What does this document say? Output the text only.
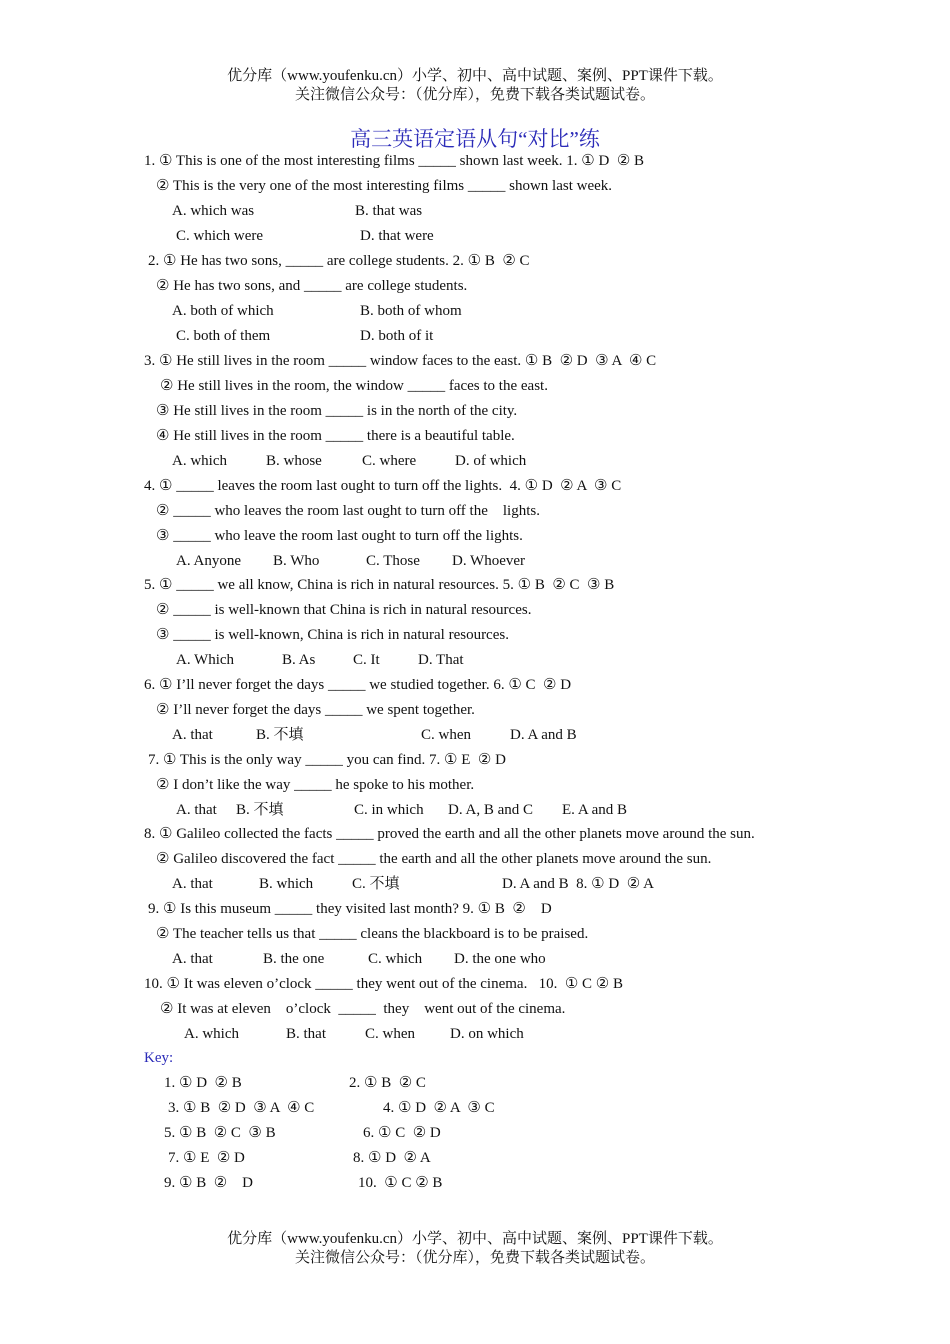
优分库（www.youfenku.cn）小学、初中、高中试题、案例、PPT课件下载。
关注微信公众号：（优分库），免费下载各类试题试卷。
高三英语定语从句“对比”练
1. ① This is one of the most interesting films _____ shown last week. 1. ① D  ② B
② This is the very one of the most interesting films _____ shown last week.
A. which was	B. that was
C. which were	D. that were
2. ① He has two sons, _____ are college students. 2. ① B  ② C
② He has two sons, and _____ are college students.
A. both of which	B. both of whom
C. both of them	D. both of it
3. ① He still lives in the room _____ window faces to the east. ① B  ② D  ③ A  ④ C
② He still lives in the room, the window _____ faces to the east.
③ He still lives in the room _____ is in the north of the city.
④ He still lives in the room _____ there is a beautiful table.
A. which	B. whose	C. where	D. of which
4. ① _____ leaves the room last ought to turn off the lights.  4. ① D  ② A  ③ C
② _____ who leaves the room last ought to turn off the    lights.
③ _____ who leave the room last ought to turn off the lights.
A. Anyone B. Who	C. Those D. Whoever
5. ① _____ we all know, China is rich in natural resources. 5. ① B  ② C  ③ B
② _____ is well-known that China is rich in natural resources.
③ _____ is well-known, China is rich in natural resources.
A. Which	B. As	C. It	D. That
6. ① I’ll never forget the days _____ we studied together. 6. ① C  ② D
② I’ll never forget the days _____ we spent together.
A. that	B. 不填	C. when	D. A and B
7. ① This is the only way _____ you can find. 7. ① E  ② D
② I don’t like the way _____ he spoke to his mother.
A. that B. 不填	C. in which D. A, B and C E. A and B
8. ① Galileo collected the facts _____ proved the earth and all the other planets move around the sun.
② Galileo discovered the fact _____ the earth and all the other planets move around the sun.
A. that	B. which	C. 不填	D. A and B  8. ① D  ② A
9. ① Is this museum _____ they visited last month? 9. ① B  ②    D
② The teacher tells us that _____ cleans the blackboard is to be praised.
A. that	B. the one	C. which D. the one who
10. ① It was eleven o’clock _____ they went out of the cinema.   10.  ① C ② B
② It was at eleven    o’clock  _____  they    went out of the cinema.
A. which	B. that	C. when D. on which
Key:
1. ① D  ② B	2. ① B  ② C
3. ① B  ② D  ③ A  ④ C	4. ① D  ② A  ③ C
5. ① B  ② C  ③ B	6. ① C  ② D
7. ① E  ② D	8. ① D  ② A
9. ① B  ②    D	10.  ① C ② B
优分库（www.youfenku.cn）小学、初中、高中试题、案例、PPT课件下载。
关注微信公众号：（优分库），免费下载各类试题试卷。
